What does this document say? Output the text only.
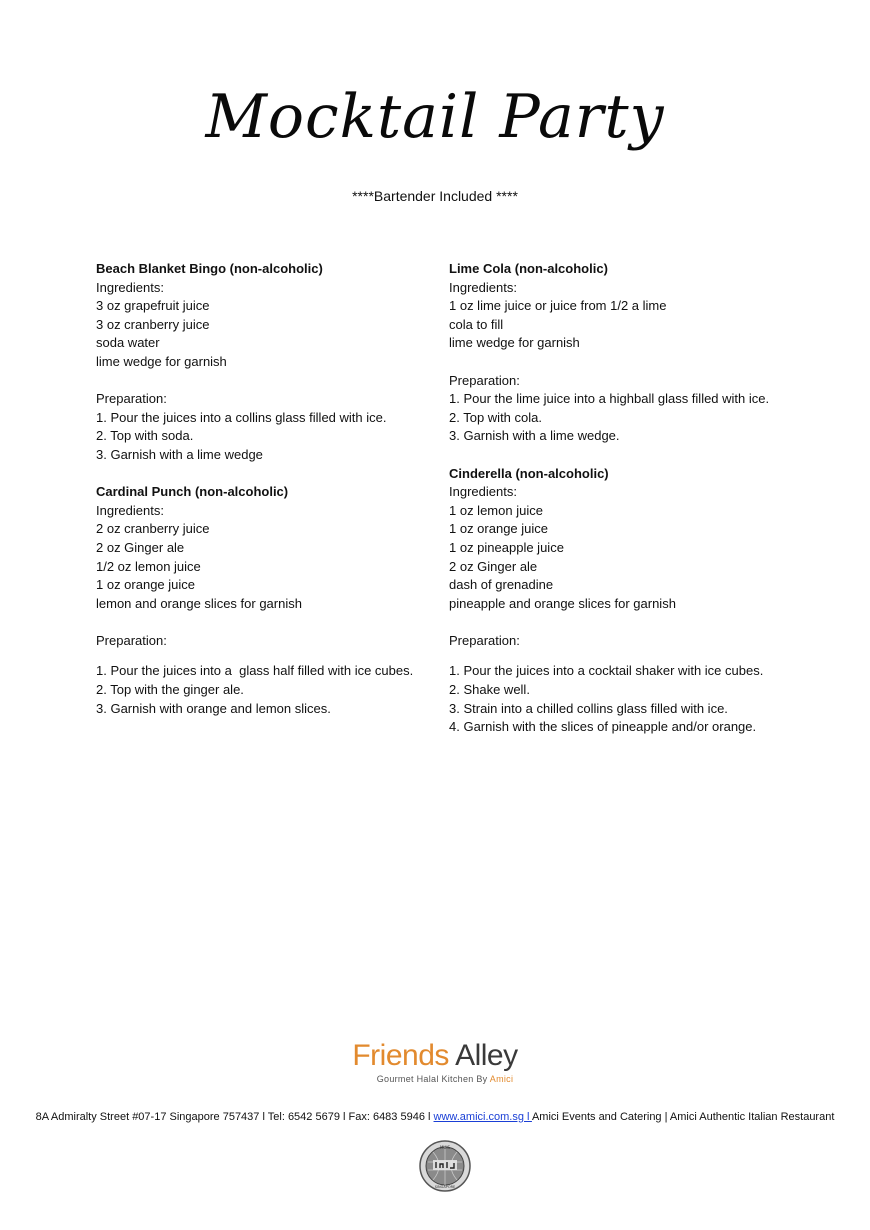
Mocktail Party
****Bartender Included ****
Beach Blanket Bingo (non-alcoholic)
Ingredients:
3 oz grapefruit juice
3 oz cranberry juice
soda water
lime wedge for garnish
Preparation:
1. Pour the juices into a collins glass filled with ice.
2. Top with soda.
3. Garnish with a lime wedge
Cardinal Punch (non-alcoholic)
Ingredients:
2 oz cranberry juice
2 oz Ginger ale
1/2 oz lemon juice
1 oz orange juice
lemon and orange slices for garnish
Preparation:
1. Pour the juices into a  glass half filled with ice cubes.
2. Top with the ginger ale.
3. Garnish with orange and lemon slices.
Lime Cola (non-alcoholic)
Ingredients:
1 oz lime juice or juice from 1/2 a lime
cola to fill
lime wedge for garnish
Preparation:
1. Pour the lime juice into a highball glass filled with ice.
2. Top with cola.
3. Garnish with a lime wedge.
Cinderella (non-alcoholic)
Ingredients:
1 oz lemon juice
1 oz orange juice
1 oz pineapple juice
2 oz Ginger ale
dash of grenadine
pineapple and orange slices for garnish
Preparation:
1. Pour the juices into a cocktail shaker with ice cubes.
2. Shake well.
3. Strain into a chilled collins glass filled with ice.
4. Garnish with the slices of pineapple and/or orange.
Friends Alley
Gourmet Halal Kitchen By Amici
8A Admiralty Street #07-17 Singapore 757437 l Tel: 6542 5679 l Fax: 6483 5946 l www.amici.com.sg l Amici Events and Catering | Amici Authentic Italian Restaurant
MUIS
SINGAPORE
